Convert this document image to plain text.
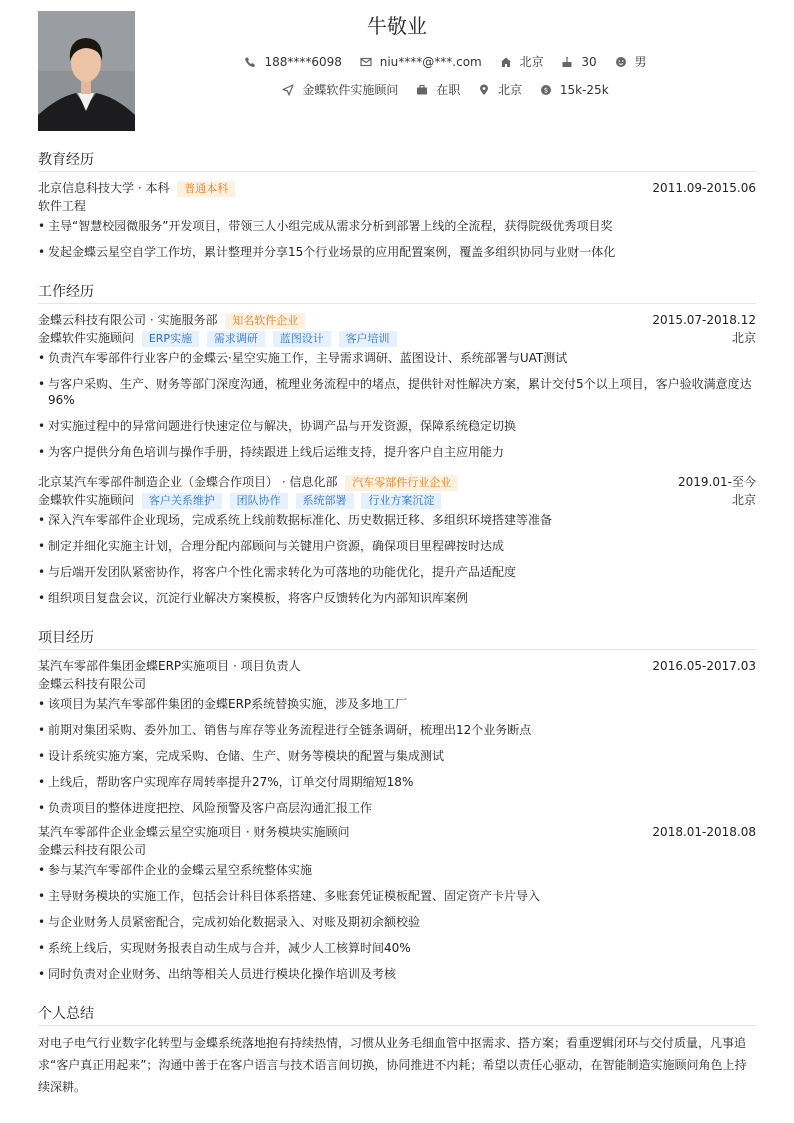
牛敬业
188****6098
	niu****@***.com
	北京
	30
	男
金蝶软件实施顾问
	在职
	北京
	$ 15k-25k
教育经历
北京信息科技大学 · 本科 普通本科	2011.09-2015.06
软件工程
• 主导“智慧校园微服务”开发项目，带领三人小组完成从需求分析到部署上线的全流程，获得院级优秀项目奖
• 发起金蝶云星空自学工作坊，累计整理并分享15个行业场景的应用配置案例，覆盖多组织协同与业财一体化
工作经历
金蝶云科技有限公司 · 实施服务部 知名软件企业	2015.07-2018.12
金蝶软件实施顾问 ERP实施 需求调研 蓝图设计 客户培训	北京
• 负责汽车零部件行业客户的金蝶云·星空实施工作，主导需求调研、蓝图设计、系统部署与UAT测试
• 与客户采购、生产、财务等部门深度沟通，梳理业务流程中的堵点，提供针对性解决方案，累计交付5个以上项目，客户验收满意度达96%
• 对实施过程中的异常问题进行快速定位与解决，协调产品与开发资源，保障系统稳定切换
• 为客户提供分角色培训与操作手册，持续跟进上线后运维支持，提升客户自主应用能力
北京某汽车零部件制造企业（金蝶合作项目） · 信息化部 汽车零部件行业企业	2019.01-至今
金蝶软件实施顾问 客户关系维护 团队协作 系统部署 行业方案沉淀	北京
• 深入汽车零部件企业现场，完成系统上线前数据标准化、历史数据迁移、多组织环境搭建等准备
• 制定并细化实施主计划，合理分配内部顾问与关键用户资源，确保项目里程碑按时达成
• 与后端开发团队紧密协作，将客户个性化需求转化为可落地的功能优化，提升产品适配度
• 组织项目复盘会议，沉淀行业解决方案模板，将客户反馈转化为内部知识库案例
项目经历
某汽车零部件集团金蝶ERP实施项目 · 项目负责人	2016.05-2017.03
金蝶云科技有限公司
• 该项目为某汽车零部件集团的金蝶ERP系统替换实施，涉及多地工厂
• 前期对集团采购、委外加工、销售与库存等业务流程进行全链条调研，梳理出12个业务断点
• 设计系统实施方案，完成采购、仓储、生产、财务等模块的配置与集成测试
• 上线后，帮助客户实现库存周转率提升27%，订单交付周期缩短18%
• 负责项目的整体进度把控、风险预警及客户高层沟通汇报工作
某汽车零部件企业金蝶云星空实施项目 · 财务模块实施顾问	2018.01-2018.08
金蝶云科技有限公司
• 参与某汽车零部件企业的金蝶云星空系统整体实施
• 主导财务模块的实施工作，包括会计科目体系搭建、多账套凭证模板配置、固定资产卡片导入
• 与企业财务人员紧密配合，完成初始化数据录入、对账及期初余额校验
• 系统上线后，实现财务报表自动生成与合并，减少人工核算时间40%
• 同时负责对企业财务、出纳等相关人员进行模块化操作培训及考核
个人总结
对电子电气行业数字化转型与金蝶系统落地抱有持续热情，习惯从业务毛细血管中抠需求、搭方案；看重逻辑闭环与交付质量，凡事追求“客户真正用起来”；沟通中善于在客户语言与技术语言间切换，协同推进不内耗；希望以责任心驱动，在智能制造实施顾问角色上持续深耕。
